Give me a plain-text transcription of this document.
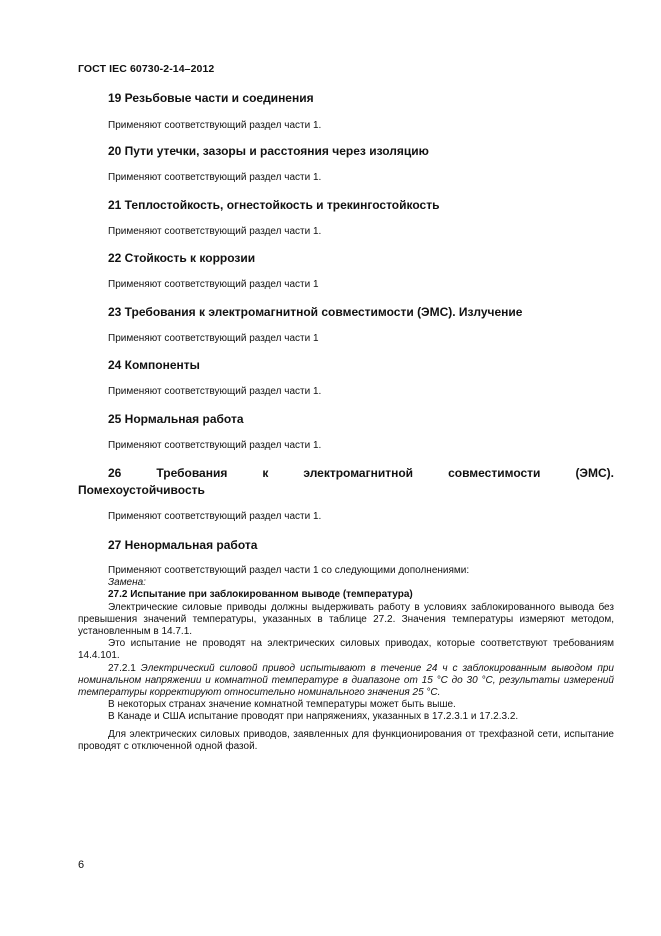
ГОСТ IEC 60730-2-14–2012
19 Резьбовые части и соединения
Применяют соответствующий раздел части 1.
20 Пути утечки, зазоры и расстояния через изоляцию
Применяют соответствующий раздел части 1.
21 Теплостойкость, огнестойкость и трекингостойкость
Применяют соответствующий раздел части 1.
22 Стойкость к коррозии
Применяют соответствующий раздел части 1
23 Требования к электромагнитной совместимости (ЭМС). Излучение
Применяют соответствующий раздел части 1
24 Компоненты
Применяют соответствующий раздел части 1.
25 Нормальная работа
Применяют соответствующий раздел части 1.
26	Требования	к	электромагнитной	совместимости	(ЭМС).
Помехоустойчивость
Применяют соответствующий раздел части 1.
27 Ненормальная работа
Применяют соответствующий раздел части 1 со следующими дополнениями:
Замена:
27.2 Испытание при заблокированном выводе (температура)
Электрические силовые приводы должны выдерживать работу в условиях заблокированного вывода без превышения значений температуры, указанных в таблице 27.2. Значения температуры измеряют методом, установленным в 14.7.1.
Это испытание не проводят на электрических силовых приводах, которые соответствуют требованиям 14.4.101.
27.2.1 Электрический силовой привод испытывают в течение 24 ч с заблокированным выводом при номинальном напряжении и комнатной температуре в диапазоне от 15 °С до 30 °С, результаты измерений температуры корректируют относительно номинального значения 25 °С.
В некоторых странах значение комнатной температуры может быть выше.
В Канаде и США испытание проводят при напряжениях, указанных в 17.2.3.1 и 17.2.3.2.
Для электрических силовых приводов, заявленных для функционирования от трехфазной сети, испытание проводят с отключенной одной фазой.
6
